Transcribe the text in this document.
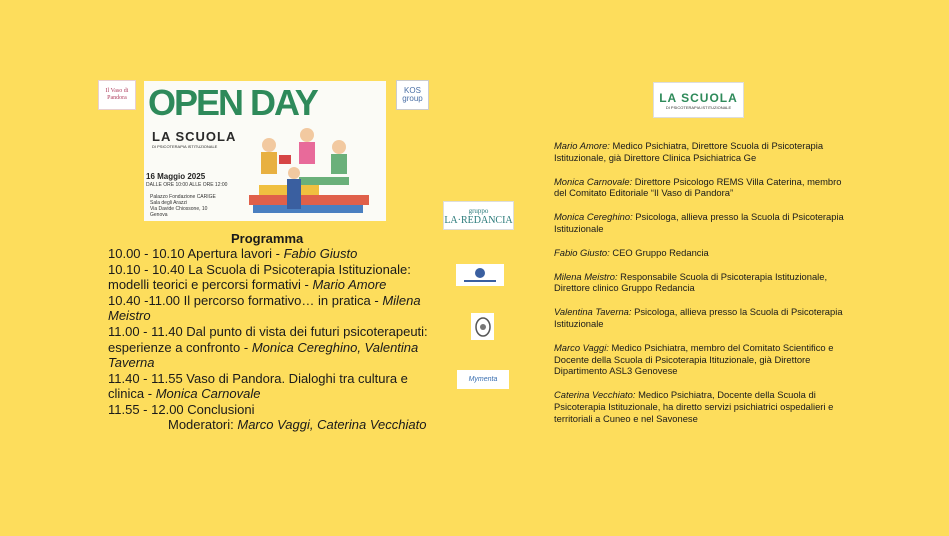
Il Vaso di Pandora OPEN DAY
LA SCUOLA
DI PSICOTERAPIA ISTITUZIONALE
16 Maggio 2025
DALLE ORE 10:00 ALLE ORE 12:00
Palazzo Fondazione CARIGE
Sala degli Arazzi
Via Davide Chiossone, 10
Genova
KOS group
gruppo
LA·REDANCIA
Mymenta
LA SCUOLA
DI PSICOTERAPIA ISTITUZIONALE
Programma

10.00 - 10.10 Apertura lavori - Fabio Giusto

10.10 - 10.40 La Scuola di Psicoterapia Istituzionale: modelli teorici e percorsi formativi - Mario Amore

10.40 -11.00 Il percorso formativo… in pratica - Milena Meistro

11.00 - 11.40 Dal punto di vista dei futuri psicoterapeuti: esperienze a confronto - Monica Cereghino, Valentina Taverna

11.40 - 11.55 Vaso di Pandora. Dialoghi tra cultura e clinica - Monica Carnovale

11.55 - 12.00 Conclusioni

Moderatori: Marco Vaggi, Caterina Vecchiato

Mario Amore: Medico Psichiatra, Direttore Scuola di Psicoterapia Istituzionale, già Direttore Clinica Psichiatrica Ge

Monica Carnovale: Direttore Psicologo REMS Villa Caterina, membro del Comitato Editoriale “Il Vaso di Pandora”

Monica Cereghino: Psicologa, allieva presso la Scuola di Psicoterapia Istituzionale

Fabio Giusto: CEO Gruppo Redancia

Milena Meistro: Responsabile Scuola di Psicoterapia Istituzionale, Direttore clinico Gruppo Redancia

Valentina Taverna: Psicologa, allieva presso la Scuola di Psicoterapia Istituzionale

Marco Vaggi: Medico Psichiatra, membro del Comitato Scientifico e Docente della Scuola di Psicoterapia Itituzionale, già Direttore Dipartimento ASL3 Genovese

Caterina Vecchiato: Medico Psichiatra, Docente della Scuola di Psicoterapia Istituzionale, ha diretto servizi psichiatrici ospedalieri e territoriali a Cuneo e nel Savonese
